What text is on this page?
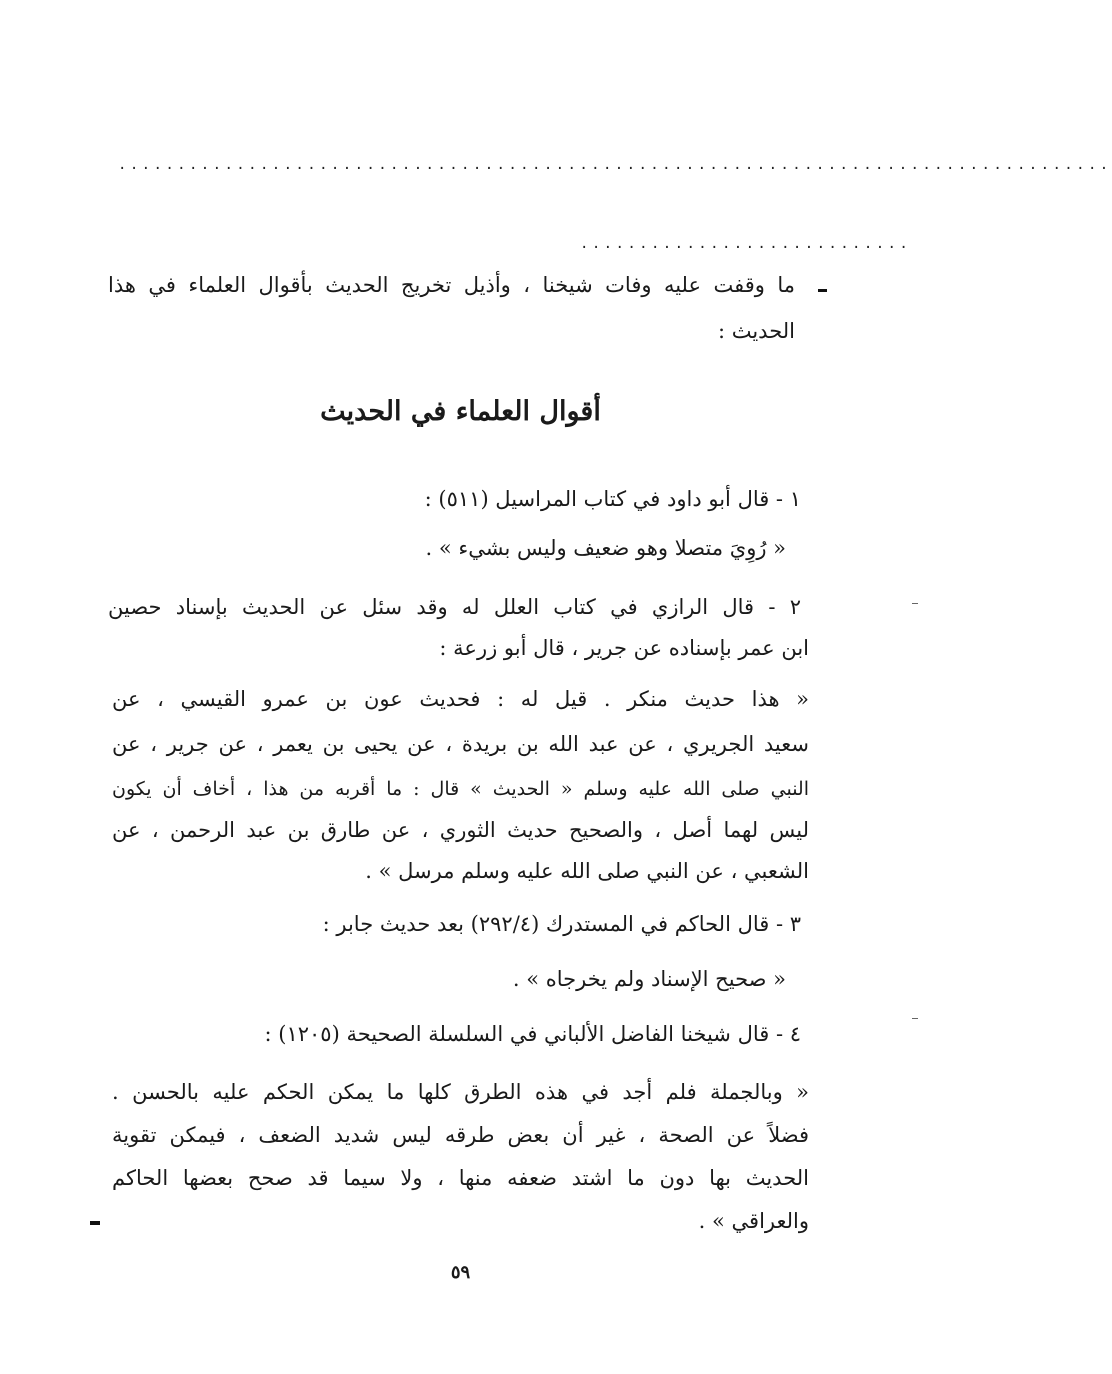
....................................................................................
............................
ما وقفت عليه وفات شيخنا ، وأذيل تخريج الحديث بأقوال العلماء في هذا
الحديث :
أقوال العلماء في الحديث
١ - قال أبو داود في كتاب المراسيل (٥١١) :
« رُوِيَ متصلا وهو ضعيف وليس بشيء » .
٢ - قال الرازي في كتاب العلل له وقد سئل عن الحديث بإسناد حصين
ابن عمر بإسناده عن جرير ، قال أبو زرعة :
« هذا حديث منكر . قيل له : فحديث عون بن عمرو القيسي ، عن
سعيد الجريري ، عن عبد الله بن بريدة ، عن يحيى بن يعمر ، عن جرير ، عن
النبي صلى الله عليه وسلم « الحديث » قال : ما أقربه من هذا ، أخاف أن يكون
ليس لهما أصل ، والصحيح حديث الثوري ، عن طارق بن عبد الرحمن ، عن
الشعبي ، عن النبي صلى الله عليه وسلم مرسل » .
٣ - قال الحاكم في المستدرك (٢٩٢/٤) بعد حديث جابر :
« صحيح الإسناد ولم يخرجاه » .
٤ - قال شيخنا الفاضل الألباني في السلسلة الصحيحة (١٢٠٥) :
« وبالجملة فلم أجد في هذه الطرق كلها ما يمكن الحكم عليه بالحسن .
فضلاً عن الصحة ، غير أن بعض طرقه ليس شديد الضعف ، فيمكن تقوية
الحديث بها دون ما اشتد ضعفه منها ، ولا سيما قد صحح بعضها الحاكم
والعراقي » .
٥٩
